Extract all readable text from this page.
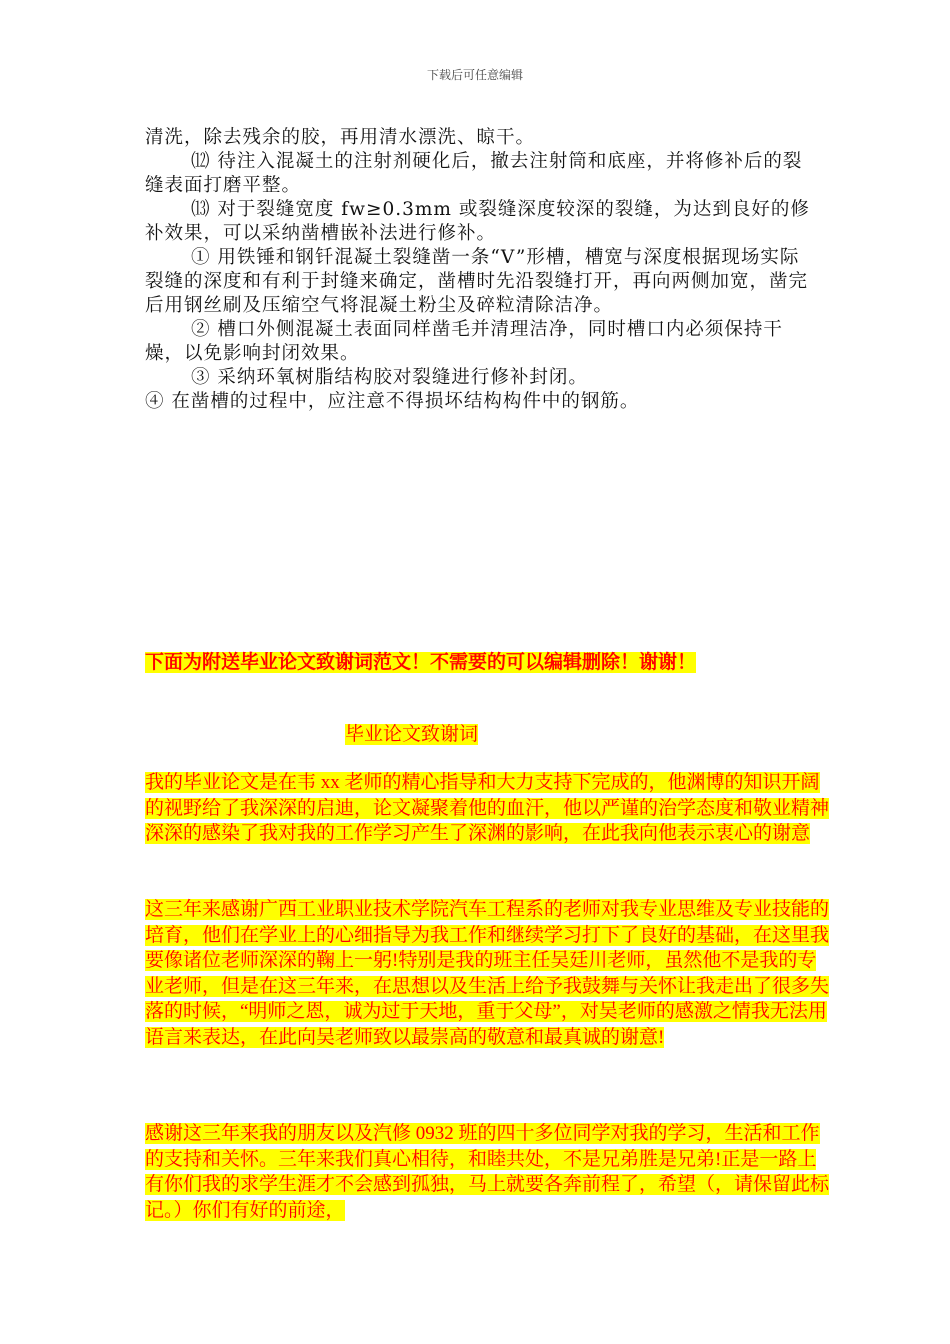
下载后可任意编辑

清洗，除去残余的胶，再用清水漂洗、晾干。

⑿ 待注入混凝土的注射剂硬化后，撤去注射筒和底座，并将修补后的裂缝表面打磨平整。

⒀ 对于裂缝宽度 fw≥0.3mm 或裂缝深度较深的裂缝，为达到良好的修补效果，可以采纳凿槽嵌补法进行修补。

① 用铁锤和钢钎混凝土裂缝凿一条“V”形槽，槽宽与深度根据现场实际裂缝的深度和有利于封缝来确定，凿槽时先沿裂缝打开，再向两侧加宽，凿完后用钢丝刷及压缩空气将混凝土粉尘及碎粒清除洁净。

② 槽口外侧混凝土表面同样凿毛并清理洁净，同时槽口内必须保持干燥，以免影响封闭效果。

③ 采纳环氧树脂结构胶对裂缝进行修补封闭。

④ 在凿槽的过程中，应注意不得损坏结构构件中的钢筋。

下面为附送毕业论文致谢词范文！不需要的可以编辑删除！谢谢！

毕业论文致谢词

我的毕业论文是在韦 xx 老师的精心指导和大力支持下完成的，他渊博的知识开阔的视野给了我深深的启迪，论文凝聚着他的血汗，他以严谨的治学态度和敬业精神深深的感染了我对我的工作学习产生了深渊的影响，在此我向他表示衷心的谢意

这三年来感谢广西工业职业技术学院汽车工程系的老师对我专业思维及专业技能的培育，他们在学业上的心细指导为我工作和继续学习打下了良好的基础，在这里我要像诸位老师深深的鞠上一躬!特别是我的班主任吴廷川老师，虽然他不是我的专业老师，但是在这三年来，在思想以及生活上给予我鼓舞与关怀让我走出了很多失落的时候，“明师之恩，诚为过于天地，重于父母”，对吴老师的感激之情我无法用语言来表达，在此向吴老师致以最崇高的敬意和最真诚的谢意!

感谢这三年来我的朋友以及汽修 0932 班的四十多位同学对我的学习，生活和工作的支持和关怀。三年来我们真心相待，和睦共处，不是兄弟胜是兄弟!正是一路上有你们我的求学生涯才不会感到孤独，马上就要各奔前程了，希望（，请保留此标记。）你们有好的前途，
